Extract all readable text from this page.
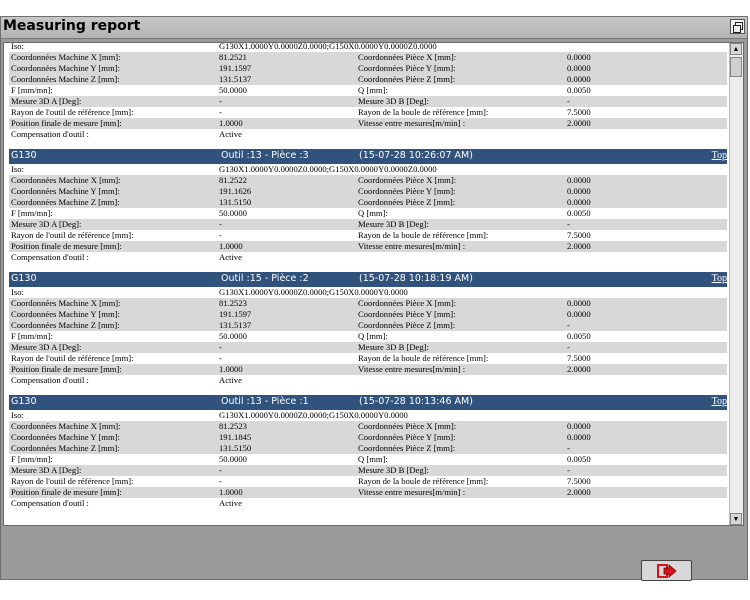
Measuring report
Iso:	G130X1.0000Y0.0000Z0.0000;G150X0.0000Y0.0000Z0.0000
Coordonnées Machine X [mm]:	81.2521	Coordonnées Pièce X [mm]:	0.0000
Coordonnées Machine Y [mm]:	191.1597	Coordonnées Pièce Y [mm]:	0.0000
Coordonnées Machine Z [mm]:	131.5137	Coordonnées Pièce Z [mm]:	0.0000
F [mm/mn]:	50.0000	Q [mm]:	0.0050
Mesure 3D A [Deg]:	-	Mesure 3D B [Deg]:	-
Rayon de l'outil de référence [mm]:	-	Rayon de la boule de référence [mm]:	7.5000
Position finale de mesure [mm]:	1.0000	Vitesse entre mesures[m/min] :	2.0000
Compensation d'outil :	Active
G130	Outil :13 - Pièce :3	(15-07-28 10:26:07 AM)	Top
Iso:	G130X1.0000Y0.0000Z0.0000;G150X0.0000Y0.0000Z0.0000
Coordonnées Machine X [mm]:	81.2522	Coordonnées Pièce X [mm]:	0.0000
Coordonnées Machine Y [mm]:	191.1626	Coordonnées Pièce Y [mm]:	0.0000
Coordonnées Machine Z [mm]:	131.5150	Coordonnées Pièce Z [mm]:	0.0000
F [mm/mn]:	50.0000	Q [mm]:	0.0050
Mesure 3D A [Deg]:	-	Mesure 3D B [Deg]:	-
Rayon de l'outil de référence [mm]:	-	Rayon de la boule de référence [mm]:	7.5000
Position finale de mesure [mm]:	1.0000	Vitesse entre mesures[m/min] :	2.0000
Compensation d'outil :	Active
G130	Outil :15 - Pièce :2	(15-07-28 10:18:19 AM)	Top
Iso:	G130X1.0000Y0.0000Z0.0000;G150X0.0000Y0.0000
Coordonnées Machine X [mm]:	81.2523	Coordonnées Pièce X [mm]:	0.0000
Coordonnées Machine Y [mm]:	191.1597	Coordonnées Pièce Y [mm]:	0.0000
Coordonnées Machine Z [mm]:	131.5137	Coordonnées Pièce Z [mm]:	-
F [mm/mn]:	50.0000	Q [mm]:	0.0050
Mesure 3D A [Deg]:	-	Mesure 3D B [Deg]:	-
Rayon de l'outil de référence [mm]:	-	Rayon de la boule de référence [mm]:	7.5000
Position finale de mesure [mm]:	1.0000	Vitesse entre mesures[m/min] :	2.0000
Compensation d'outil :	Active
G130	Outil :13 - Pièce :1	(15-07-28 10:13:46 AM)	Top
Iso:	G130X1.0000Y0.0000Z0.0000;G150X0.0000Y0.0000
Coordonnées Machine X [mm]:	81.2523	Coordonnées Pièce X [mm]:	0.0000
Coordonnées Machine Y [mm]:	191.1845	Coordonnées Pièce Y [mm]:	0.0000
Coordonnées Machine Z [mm]:	131.5150	Coordonnées Pièce Z [mm]:	-
F [mm/mn]:	50.0000	Q [mm]:	0.0050
Mesure 3D A [Deg]:	-	Mesure 3D B [Deg]:	-
Rayon de l'outil de référence [mm]:	-	Rayon de la boule de référence [mm]:	7.5000
Position finale de mesure [mm]:	1.0000	Vitesse entre mesures[m/min] :	2.0000
Compensation d'outil :	Active
▲
▼
